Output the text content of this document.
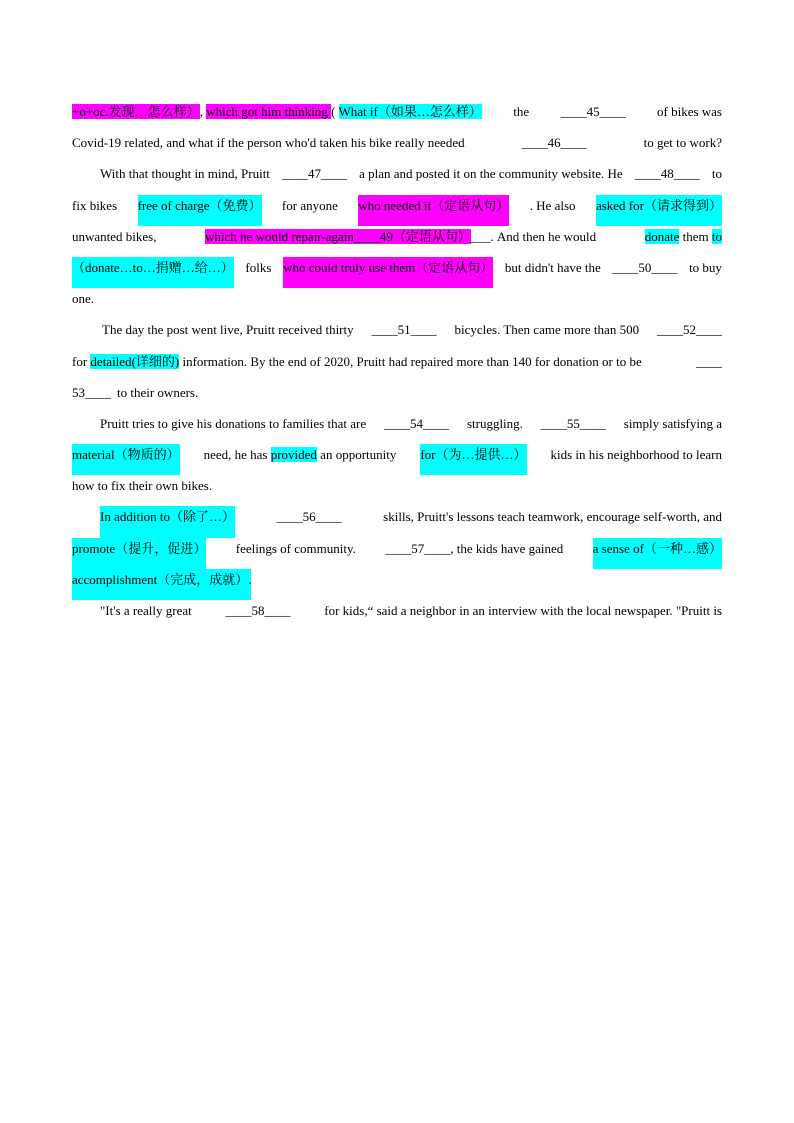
+o+oc.发现…怎么样）, which got him thinking ( What if（如果…怎么样） the ____45____ of bikes was
Covid-19 related, and what if the person who'd taken his bike really needed	____46____	to get to work?
With that thought in mind, Pruitt ____47____ a plan and posted it on the community website. He ____48____ to
fix bikes free of charge（免费） for anyone who needed it（定语从句） . He also asked for（请求得到）
unwanted bikes,	which he would repair-again____49（定语从句）___. And then he would	donate them to
（donate…to…捐赠…给…） folks who could truly use them（定语从句） but didn't have the ____50____ to buy
one.
The day the post went live, Pruitt received thirty ____51____ bicycles. Then came more than 500 ____52____
for detailed(详细的) information. By the end of 2020, Pruitt had repaired more than 140 for donation or to be	____
53____ to their owners.
Pruitt tries to give his donations to families that are ____54____ struggling. ____55____ simply satisfying a
material（物质的） need, he has provided an opportunity for（为…提供…） kids in his neighborhood to learn
how to fix their own bikes.
In addition to（除了…）	____56____	skills, Pruitt's lessons teach teamwork, encourage self-worth, and
promote（提升，促进） feelings of community. ____57____, the kids have gained a sense of（一种…感）
accomplishment（完成，成就）.
"It's a really great	____58____	for kids,“ said a neighbor in an interview with the local newspaper. "Pruitt is
